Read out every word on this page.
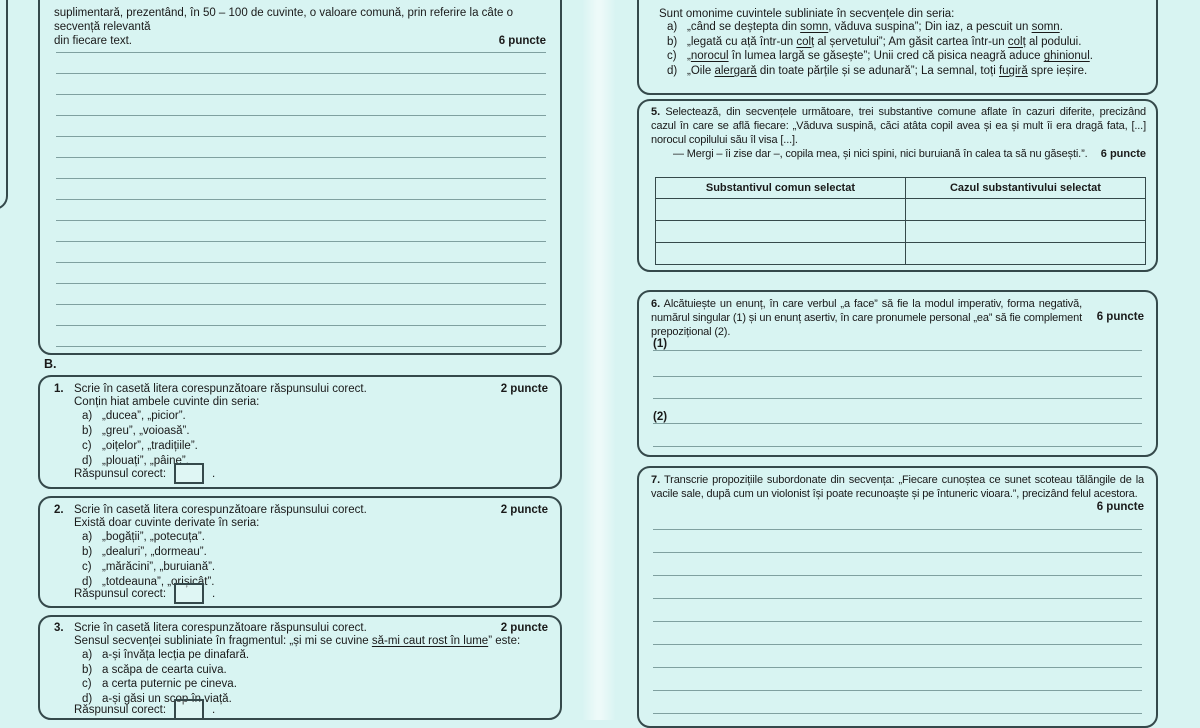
suplimentară, prezentând, în 50 – 100 de cuvinte, o valoare comună, prin referire la câte o secvență relevantă
din fiecare text.	6 puncte
B.
1. Scrie în casetă litera corespunzătoare răspunsului corect.	2 puncte
Conțin hiat ambele cuvinte din seria:
a) „ducea”, „picior”.
b) „greu”, „voioasă”.
c) „oițelor”, „tradițiile”.
d) „plouați”, „pâine”.
Răspunsul corect:	.
2. Scrie în casetă litera corespunzătoare răspunsului corect.	2 puncte
Există doar cuvinte derivate în seria:
a) „bogății”, „potecuța”.
b) „dealuri”, „dormeau”.
c) „mărăcini”, „buruiană”.
d) „totdeauna”, „orișicât”.
Răspunsul corect:	.
3. Scrie în casetă litera corespunzătoare răspunsului corect.	2 puncte
Sensul secvenței subliniate în fragmentul: „și mi se cuvine să-mi caut rost în lume” este:
a) a-și învăța lecția pe dinafară.
b) a scăpa de cearta cuiva.
c) a certa puternic pe cineva.
d) a-și găsi un scop în viață.
Răspunsul corect:	.
Sunt omonime cuvintele subliniate în secvențele din seria:
a) „când se deștepta din somn, văduva suspina”; Din iaz, a pescuit un somn.
b) „legată cu ață într-un colț al șervetului”; Am găsit cartea într-un colț al podului.
c) „norocul în lumea largă se găsește”; Unii cred că pisica neagră aduce ghinionul.
d) „Oile alergară din toate părțile și se adunară”; La semnal, toți fugiră spre ieșire.

5. Selectează, din secvențele următoare, trei substantive comune aflate în cazuri diferite, precizând cazul în care se află fiecare: „Văduva suspină, căci atâta copil avea și ea și mult îi era dragă fata, [...] norocul copilului său îl visa [...].

— Mergi – îi zise dar –, copila mea, și nici spini, nici buruiană în calea ta să nu găsești.”. 6 puncte
Substantivul comun selectat	Cazul substantivului selectat

6. Alcătuiește un enunț, în care verbul „a face” să fie la modul imperativ, forma negativă, numărul singular (1) și un enunț asertiv, în care pronumele personal „ea” să fie complement prepozițional (2).

6 puncte
(1)
(2)

7. Transcrie propozițiile subordonate din secvența: „Fiecare cunoștea ce sunet scoteau tălăngile de la vacile sale, după cum un violonist își poate recunoaște și pe întuneric vioara.”, precizând felul acestora.

6 puncte
